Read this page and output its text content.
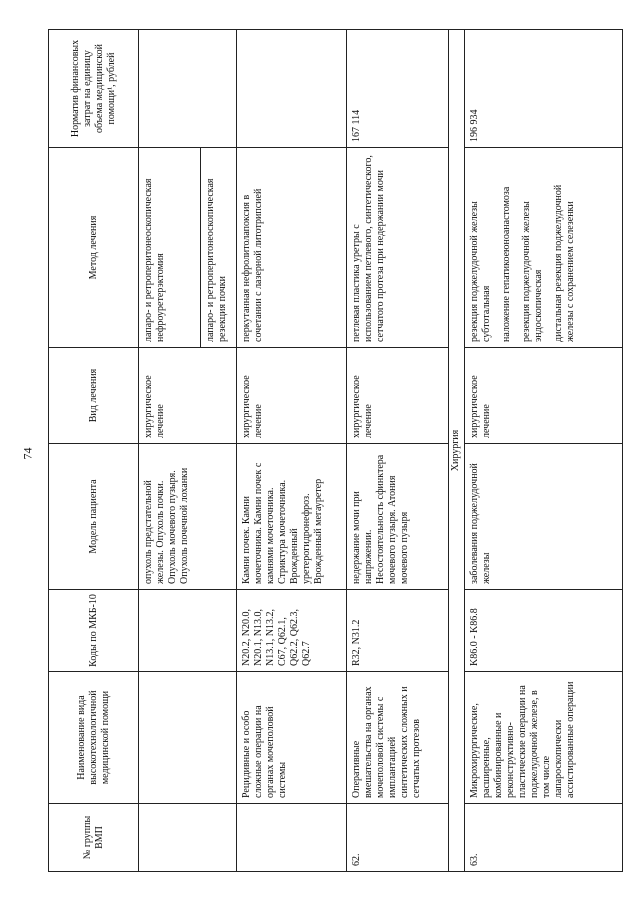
74
№ группы ВМП	Наименование вида высокотехнологичной медицинской помощи	Коды по МКБ-10	Модель пациента	Вид лечения	Метод лечения	Норматив финансовых затрат на единицу объема медицинской помощи¹, рублей
			опухоль предстательной железы. Опухоль почки. Опухоль мочевого пузыря. Опухоль почечной лоханки	хирургическое лечение	лапаро- и ретроперитонеоскопическая нефроуретерэктомия лапаро- и ретроперитонеоскопическая резекция почки	

	Рецидивные и особо сложные операции на органах мочеполовой системы	N20.2, N20.0, N20.1, N13.0, N13.1, N13.2, C67, Q62.1, Q62.2, Q62.3, Q62.7	Камни почек. Камни мочеточника. Камни почек с камнями мочеточника. Стриктура мочеточника. Врожденный уретерогидронефроз. Врожденный мегауретер	хирургическое лечение	перкутанная нефролитолапоксия в сочетании с лазерной литотрипсией	
62.	Оперативные вмешательства на органах мочеполовой системы с имплантацией синтетических сложных и сетчатых протезов	R32, N31.2	недержание мочи при напряжении. Несостоятельность сфинктера мочевого пузыря. Атония мочевого пузыря	хирургическое лечение	петлевая пластика уретры с использованием петлевого, синтетического, сетчатого протеза при недержании мочи	167 114
Хирургия						
63.	Микрохирургические, расширенные, комбинированные и реконструктивно-пластические операции на поджелудочной железе, в том числе лапароскопически ассистированные операции	K86.0 - K86.8	заболевания поджелудочной железы	хирургическое лечение	резекция поджелудочной железы субтотальная наложение гепатикоеюноанастомоза резекция поджелудочной железы эндоскопическая дистальная резекция поджелудочной железы с сохранением селезенки	196 934
